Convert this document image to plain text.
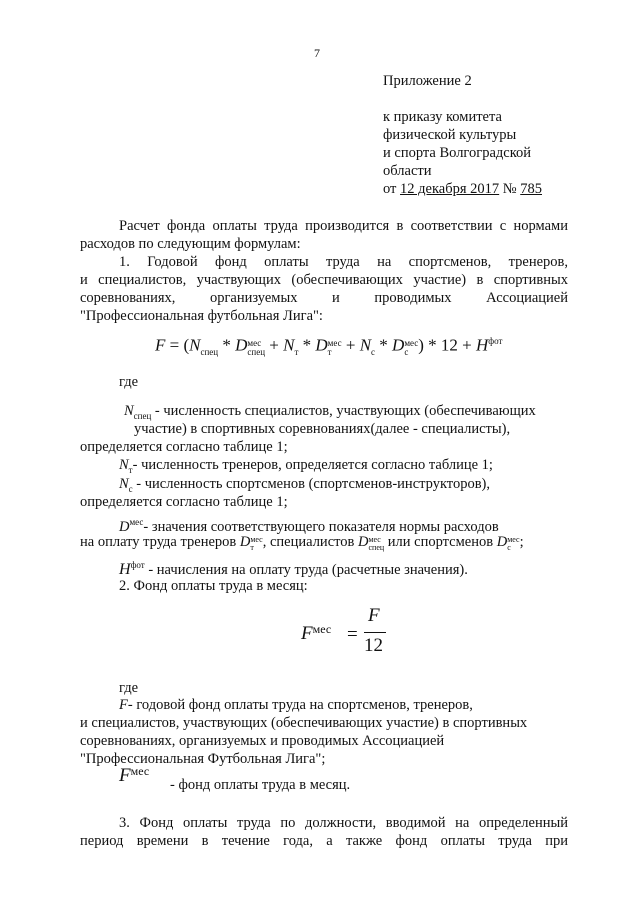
7
Приложение 2
к приказу комитета
физической культуры
и спорта Волгоградской
области
от 12 декабря 2017 № 785
Расчет фонда оплаты труда производится в соответствии с нормами
расходов по следующим формулам:
1. Годовой фонд оплаты труда на спортсменов, тренеров,
и специалистов, участвующих (обеспечивающих участие) в спортивных
соревнованиях, организуемых и проводимых Ассоциацией
"Профессиональная футбольная Лига":
$F = (N_{спец} * D$ мес
спец + $N_т$ * D мес
$т + N_с * D$ мес
с ) * $12 + H^{фот}$
где
$N_{спец}$ - численность специалистов, участвующих (обеспечивающих
участие) в спортивных соревнованиях(далее - специалисты),
определяется согласно таблице 1;
$N_т-$ численность тренеров, определяется согласно таблице 1;
$N_с$ - численность спортсменов (спортсменов-инструкторов),
определяется согласно таблице 1;
$D^{мес}-$ значения соответствующего показателя нормы расходов
на оплату труда тренеров D мес
т , специалистов D мес
спец или спортсменов D мес
с ;
$H^{фот}$ - начисления на оплату труда (расчетные значения).
2. Фонд оплаты труда в месяц:
$F^{мес}$ =
F
12
где
F- годовой фонд оплаты труда на спортсменов, тренеров,
и специалистов, участвующих (обеспечивающих участие) в спортивных
соревнованиях, организуемых и проводимых Ассоциацией
"Профессиональная Футбольная Лига";
$F^{мес}$
- фонд оплаты труда в месяц.
3. Фонд оплаты труда по должности, вводимой на определенный
период времени в течение года, а также фонд оплаты труда при
